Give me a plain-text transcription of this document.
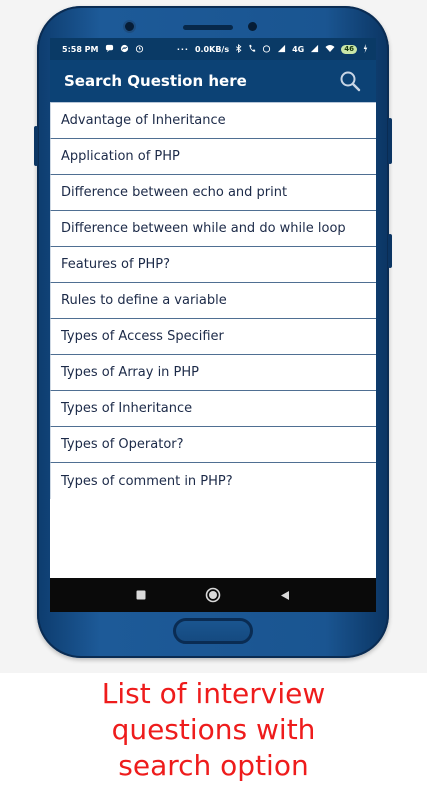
5:58 PM	··· 0.0KB/s	4G	46
Search Question here
Advantage of Inheritance
Application of PHP
Difference between echo and print
Difference between while and do while loop
Features of PHP?
Rules to define a variable
Types of Access Specifier
Types of Array in PHP
Types of Inheritance
Types of Operator?
Types of comment in PHP?
List of interview
questions with
search option
